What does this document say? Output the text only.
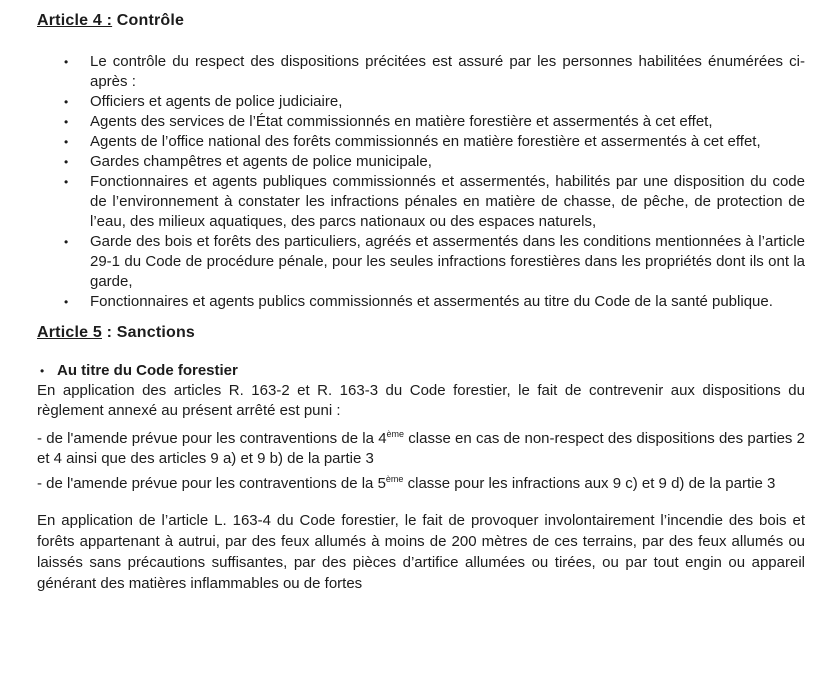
Article 4 : Contrôle
• Le contrôle du respect des dispositions précitées est assuré par les personnes habilitées énumérées ci-après :
• Officiers et agents de police judiciaire,
• Agents des services de l’État commissionnés en matière forestière et assermentés à cet effet,
• Agents de l’office national des forêts commissionnés en matière forestière et assermentés à cet effet,
• Gardes champêtres et agents de police municipale,
• Fonctionnaires et agents publiques commissionnés et assermentés, habilités par une disposition du code de l’environnement à constater les infractions pénales en matière de chasse, de pêche, de protection de l’eau, des milieux aquatiques, des parcs nationaux ou des espaces naturels,
• Garde des bois et forêts des particuliers, agréés et assermentés dans les conditions mentionnées à l’article 29-1 du Code de procédure pénale, pour les seules infractions forestières dans les propriétés dont ils ont la garde,
• Fonctionnaires et agents publics commissionnés et assermentés au titre du Code de la santé publique.
Article 5 : Sanctions
• Au titre du Code forestier

En application des articles R. 163-2 et R. 163-3 du Code forestier, le fait de contrevenir aux dispositions du règlement annexé au présent arrêté est puni :

- de l'amende prévue pour les contraventions de la 4ème classe en cas de non-respect des dispositions des parties 2 et 4 ainsi que des articles 9 a) et 9 b) de la partie 3

- de l'amende prévue pour les contraventions de la 5ème classe pour les infractions aux 9 c) et 9 d) de la partie 3

En application de l’article L. 163-4 du Code forestier, le fait de provoquer involontairement l’incendie des bois et forêts appartenant à autrui, par des feux allumés à moins de 200 mètres de ces terrains, par des feux allumés ou laissés sans précautions suffisantes, par des pièces d’artifice allumées ou tirées, ou par tout engin ou appareil générant des matières inflammables ou de fortes
